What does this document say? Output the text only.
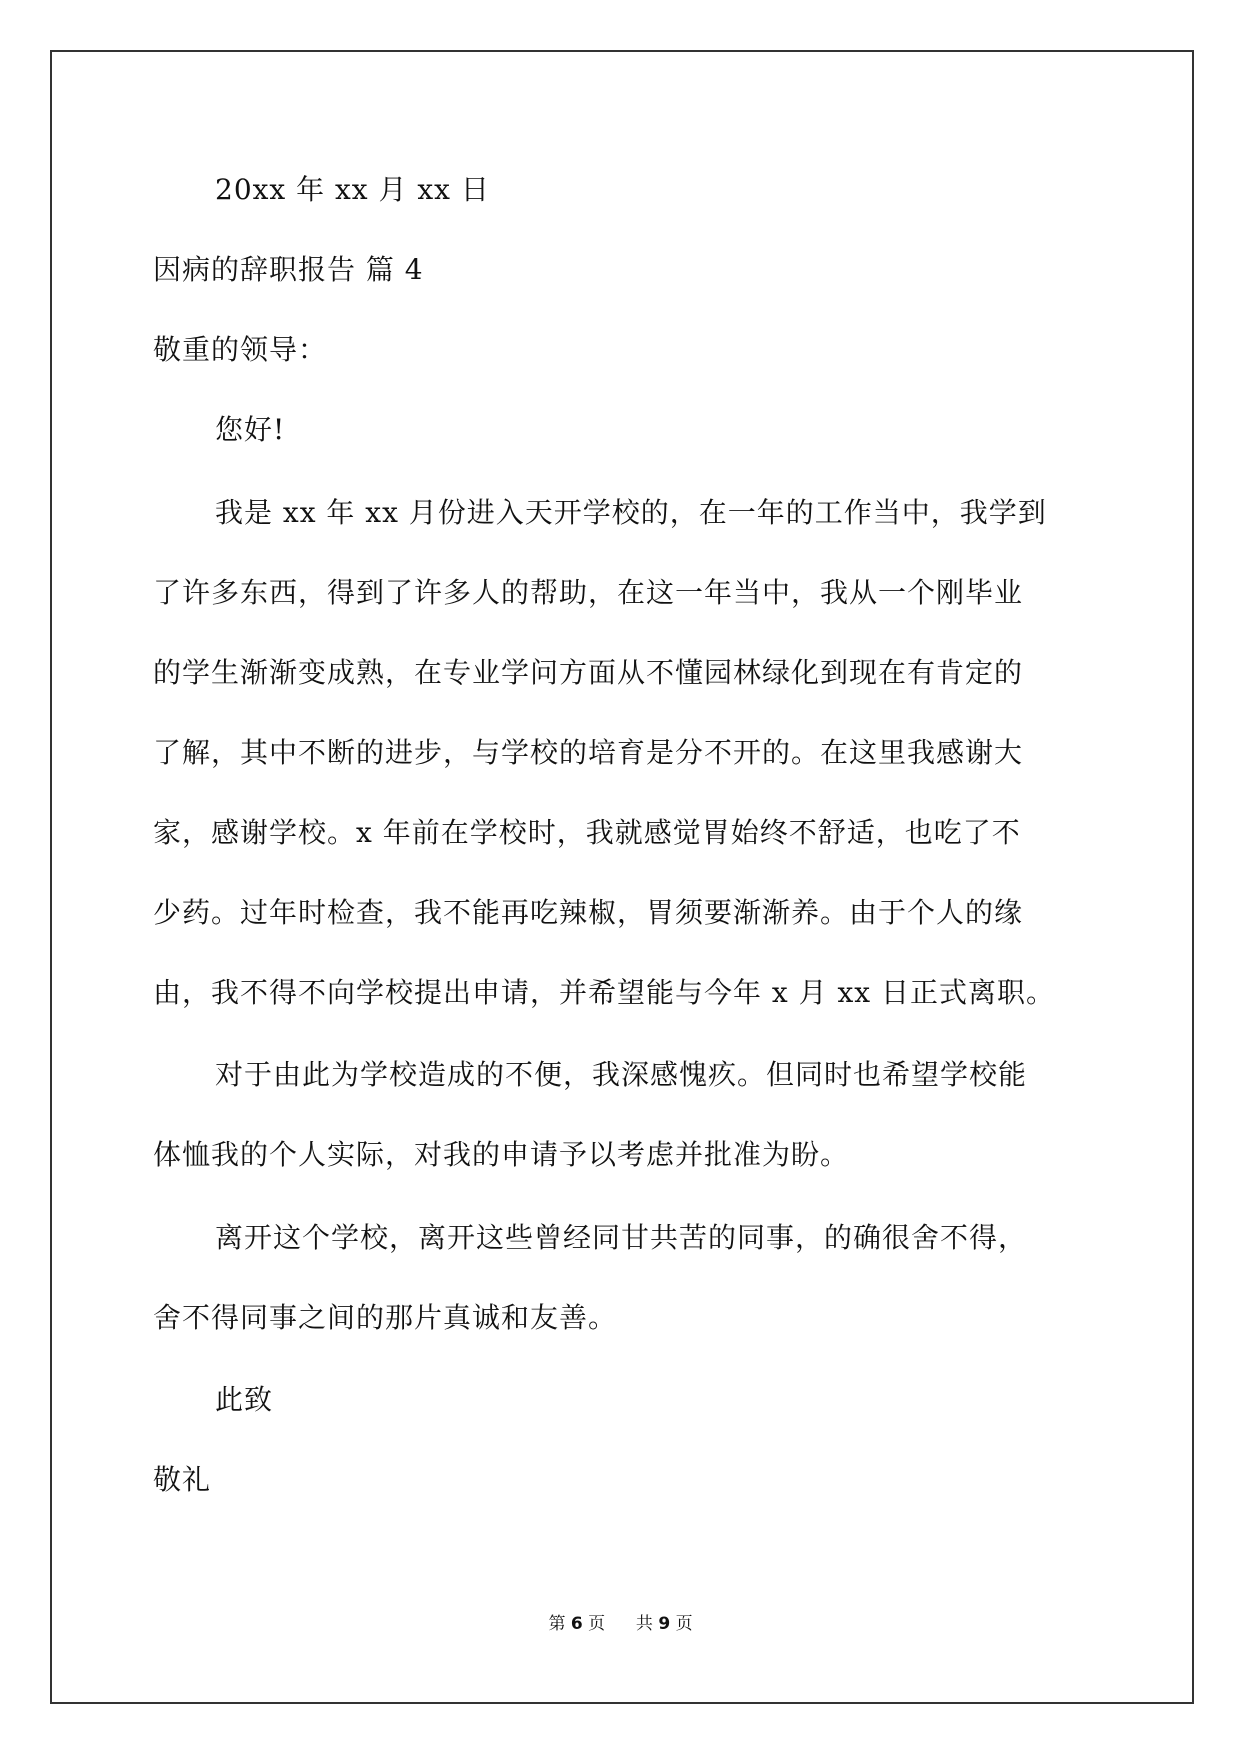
20xx 年 xx 月 xx 日
因病的辞职报告 篇 4
敬重的领导：
您好!
我是 xx 年 xx 月份进入天开学校的，在一年的工作当中，我学到
了许多东西，得到了许多人的帮助，在这一年当中，我从一个刚毕业
的学生渐渐变成熟，在专业学问方面从不懂园林绿化到现在有肯定的
了解，其中不断的进步，与学校的培育是分不开的。在这里我感谢大
家，感谢学校。x 年前在学校时，我就感觉胃始终不舒适，也吃了不
少药。过年时检查，我不能再吃辣椒，胃须要渐渐养。由于个人的缘
由，我不得不向学校提出申请，并希望能与今年 x 月 xx 日正式离职。
对于由此为学校造成的不便，我深感愧疚。但同时也希望学校能
体恤我的个人实际，对我的申请予以考虑并批准为盼。
离开这个学校，离开这些曾经同甘共苦的同事，的确很舍不得，
舍不得同事之间的那片真诚和友善。
此致
敬礼
第 6 页 共 9 页
